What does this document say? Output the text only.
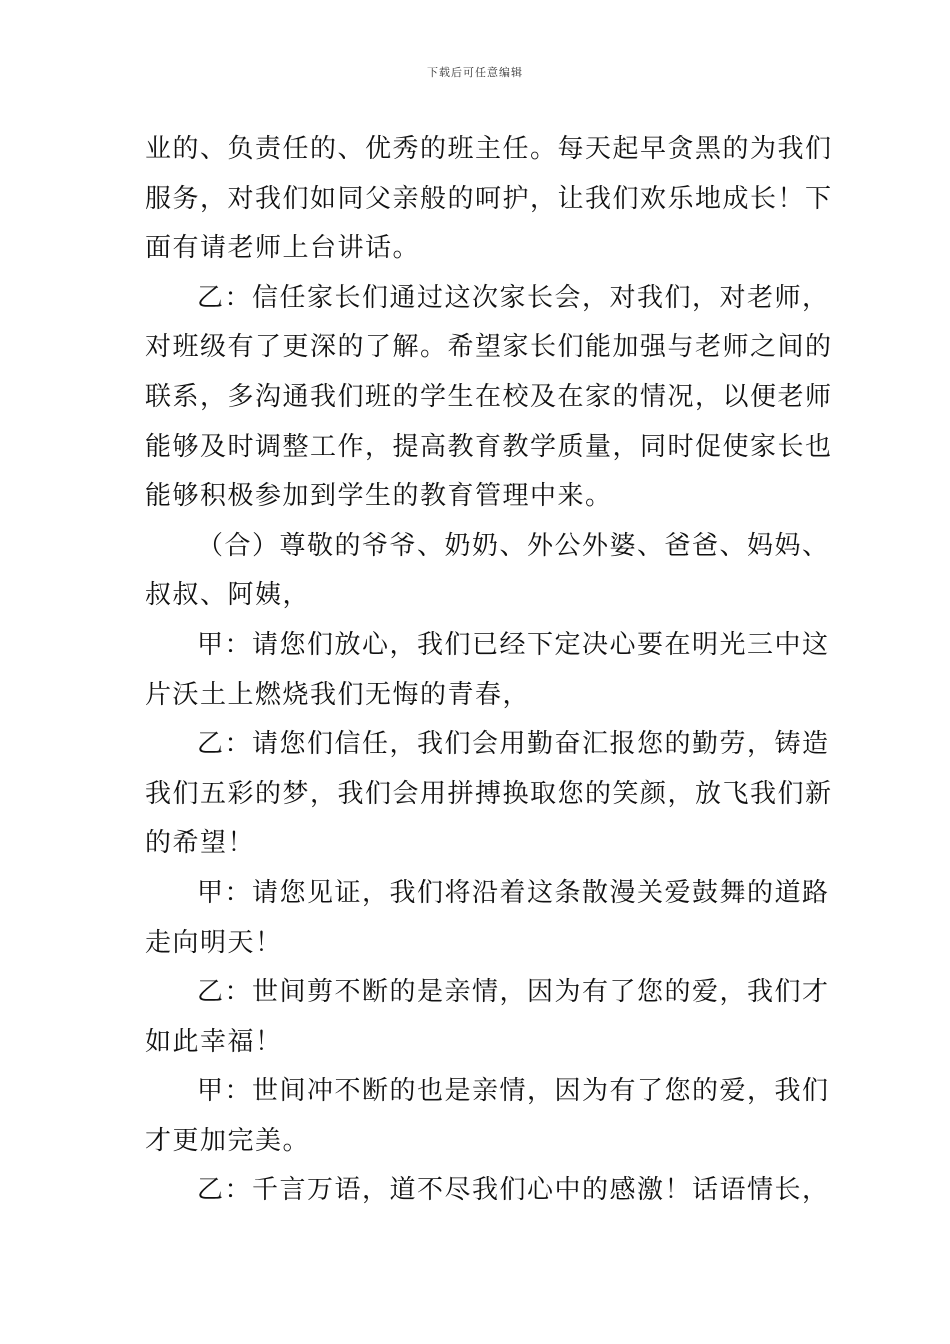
下载后可任意编辑
业的、负责任的、优秀的班主任。每天起早贪黑的为我们
服务，对我们如同父亲般的呵护，让我们欢乐地成长！下
面有请老师上台讲话。
乙：信任家长们通过这次家长会，对我们，对老师，
对班级有了更深的了解。希望家长们能加强与老师之间的
联系，多沟通我们班的学生在校及在家的情况，以便老师
能够及时调整工作，提高教育教学质量，同时促使家长也
能够积极参加到学生的教育管理中来。
（合）尊敬的爷爷、奶奶、外公外婆、爸爸、妈妈、
叔叔、阿姨，
甲：请您们放心，我们已经下定决心要在明光三中这
片沃土上燃烧我们无悔的青春，
乙：请您们信任，我们会用勤奋汇报您的勤劳，铸造
我们五彩的梦，我们会用拼搏换取您的笑颜，放飞我们新
的希望！
甲：请您见证，我们将沿着这条散漫关爱鼓舞的道路
走向明天！
乙：世间剪不断的是亲情，因为有了您的爱，我们才
如此幸福！
甲：世间冲不断的也是亲情，因为有了您的爱，我们
才更加完美。
乙：千言万语，道不尽我们心中的感激！话语情长，
